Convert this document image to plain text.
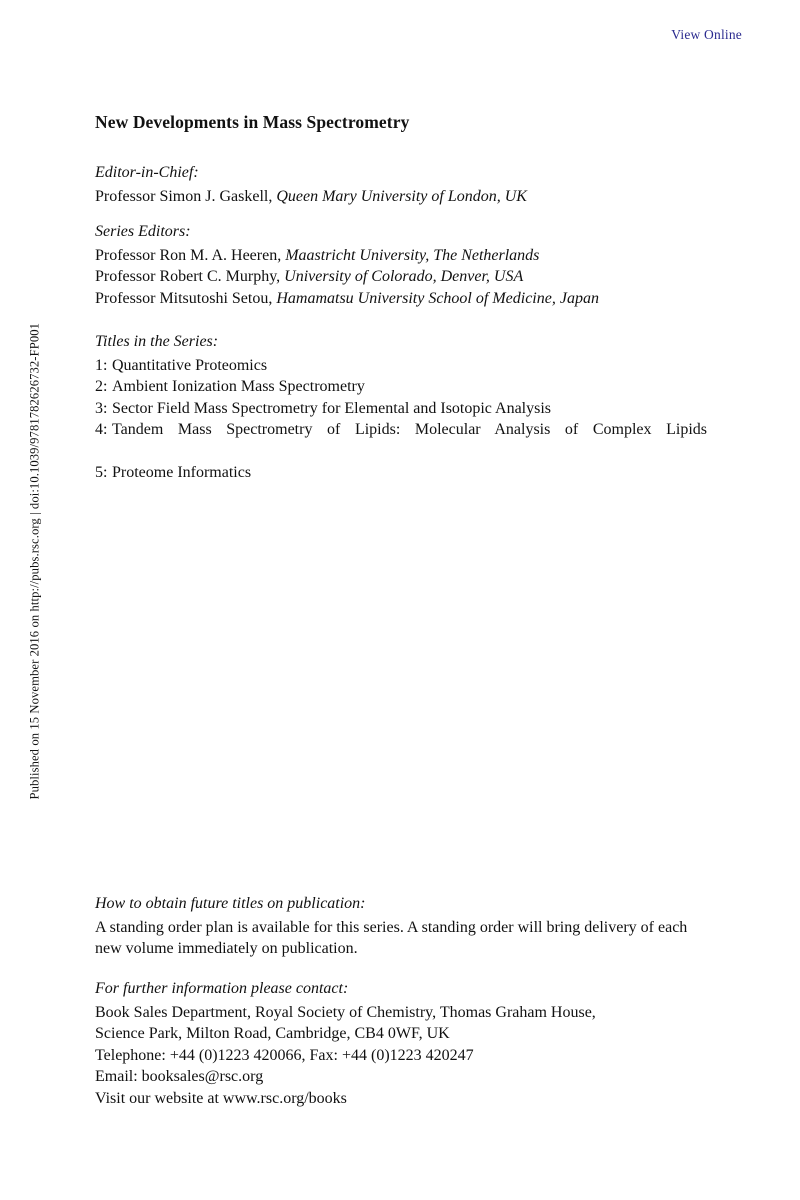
View Online
Published on 15 November 2016 on http://pubs.rsc.org | doi:10.1039/9781782626732-FP001
New Developments in Mass Spectrometry
Editor-in-Chief:
Professor Simon J. Gaskell, Queen Mary University of London, UK
Series Editors:
Professor Ron M. A. Heeren, Maastricht University, The Netherlands
Professor Robert C. Murphy, University of Colorado, Denver, USA
Professor Mitsutoshi Setou, Hamamatsu University School of Medicine, Japan
Titles in the Series:
1: Quantitative Proteomics
2: Ambient Ionization Mass Spectrometry
3: Sector Field Mass Spectrometry for Elemental and Isotopic Analysis
4: Tandem Mass Spectrometry of Lipids: Molecular Analysis of Complex Lipids
5: Proteome Informatics
How to obtain future titles on publication:
A standing order plan is available for this series. A standing order will bring delivery of each new volume immediately on publication.
For further information please contact:
Book Sales Department, Royal Society of Chemistry, Thomas Graham House,
Science Park, Milton Road, Cambridge, CB4 0WF, UK
Telephone: +44 (0)1223 420066, Fax: +44 (0)1223 420247
Email: booksales@rsc.org
Visit our website at www.rsc.org/books
